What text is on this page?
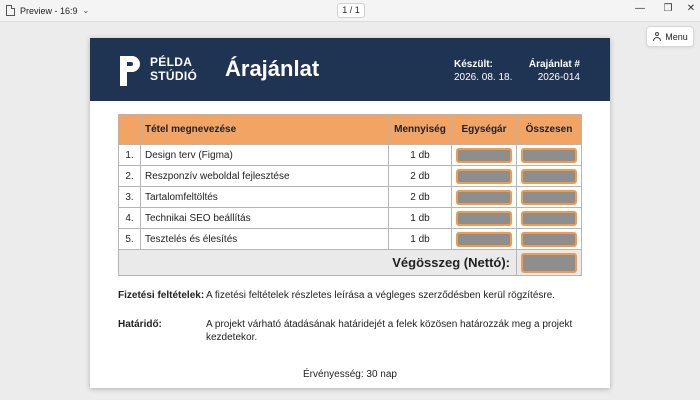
Preview - 16:9 ⌄	1 / 1	— ❐ ✕
Menu
PÉLDA
STÚDIÓ Árajánlat	Készült:
2026. 08. 18.
Árajánlat #
2026-014
	Tétel megnevezése	Mennyiség	Egységár	Összesen
1.	Design terv (Figma)	1 db	

2.	Reszponzív weboldal fejlesztése	2 db	

3.	Tartalomfeltöltés	2 db	

4.	Technikai SEO beállítás	1 db	

5.	Tesztelés és élesítés	1 db	

Végösszeg (Nettó):				
Fizetési feltételek: A fizetési feltételek részletes leírása a végleges szerződésben kerül rögzítésre.
Határidő:	A projekt várható átadásának határidejét a felek közösen határozzák meg a projekt kezdetekor.
Érvényesség: 30 nap
